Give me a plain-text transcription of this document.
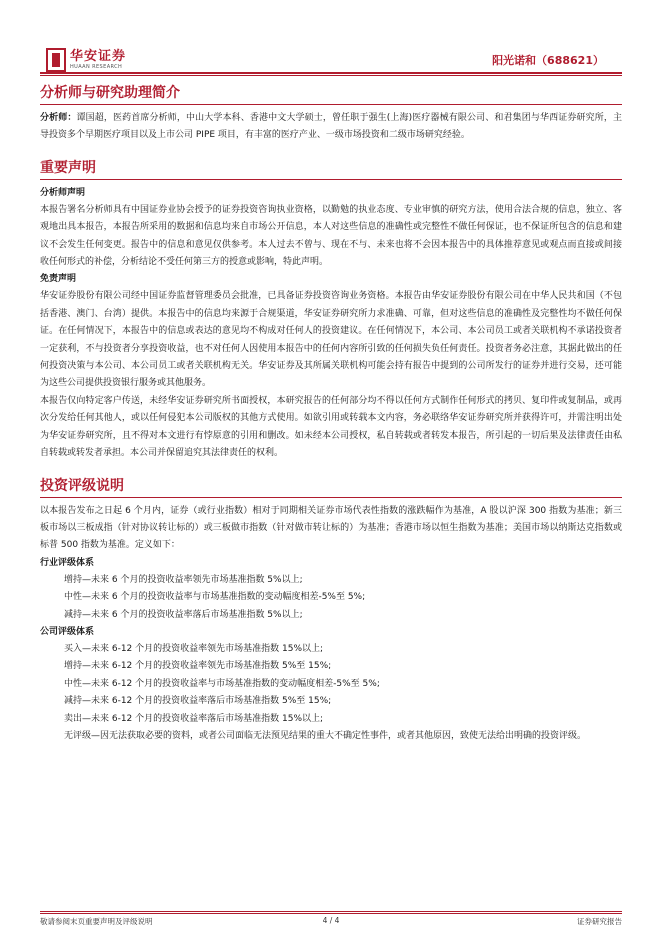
华安证券
HUAAN RESEARCH	阳光诺和（688621）
分析师与研究助理简介

分析师：谭国超，医药首席分析师，中山大学本科、香港中文大学硕士，曾任职于强生(上海)医疗器械有限公司、和君集团与华西证券研究所，主导投资多个早期医疗项目以及上市公司 PIPE 项目，有丰富的医疗产业、一级市场投资和二级市场研究经验。

重要声明
分析师声明

本报告署名分析师具有中国证券业协会授予的证券投资咨询执业资格，以勤勉的执业态度、专业审慎的研究方法，使用合法合规的信息，独立、客观地出具本报告，本报告所采用的数据和信息均来自市场公开信息，本人对这些信息的准确性或完整性不做任何保证，也不保证所包含的信息和建议不会发生任何变更。报告中的信息和意见仅供参考。本人过去不曾与、现在不与、未来也将不会因本报告中的具体推荐意见或观点而直接或间接收任何形式的补偿，分析结论不受任何第三方的授意或影响，特此声明。

免责声明

华安证券股份有限公司经中国证券监督管理委员会批准，已具备证券投资咨询业务资格。本报告由华安证券股份有限公司在中华人民共和国（不包括香港、澳门、台湾）提供。本报告中的信息均来源于合规渠道，华安证券研究所力求准确、可靠，但对这些信息的准确性及完整性均不做任何保证。在任何情况下，本报告中的信息或表达的意见均不构成对任何人的投资建议。在任何情况下，本公司、本公司员工或者关联机构不承诺投资者一定获利，不与投资者分享投资收益，也不对任何人因使用本报告中的任何内容所引致的任何损失负任何责任。投资者务必注意，其据此做出的任何投资决策与本公司、本公司员工或者关联机构无关。华安证券及其所属关联机构可能会持有报告中提到的公司所发行的证券并进行交易，还可能为这些公司提供投资银行服务或其他服务。

本报告仅向特定客户传送，未经华安证券研究所书面授权，本研究报告的任何部分均不得以任何方式制作任何形式的拷贝、复印件或复制品，或再次分发给任何其他人，或以任何侵犯本公司版权的其他方式使用。如欲引用或转载本文内容，务必联络华安证券研究所并获得许可，并需注明出处为华安证券研究所，且不得对本文进行有悖原意的引用和删改。如未经本公司授权，私自转载或者转发本报告，所引起的一切后果及法律责任由私自转载或转发者承担。本公司并保留追究其法律责任的权利。

投资评级说明

以本报告发布之日起 6 个月内，证券（或行业指数）相对于同期相关证券市场代表性指数的涨跌幅作为基准，A 股以沪深 300 指数为基准；新三板市场以三板成指（针对协议转让标的）或三板做市指数（针对做市转让标的）为基准；香港市场以恒生指数为基准；美国市场以纳斯达克指数或标普 500 指数为基准。定义如下：

行业评级体系

增持—未来 6 个月的投资收益率领先市场基准指数 5%以上;

中性—未来 6 个月的投资收益率与市场基准指数的变动幅度相差-5%至 5%;

减持—未来 6 个月的投资收益率落后市场基准指数 5%以上;

公司评级体系

买入—未来 6-12 个月的投资收益率领先市场基准指数 15%以上;

增持—未来 6-12 个月的投资收益率领先市场基准指数 5%至 15%;

中性—未来 6-12 个月的投资收益率与市场基准指数的变动幅度相差-5%至 5%;

减持—未来 6-12 个月的投资收益率落后市场基准指数 5%至 15%;

卖出—未来 6-12 个月的投资收益率落后市场基准指数 15%以上;

无评级—因无法获取必要的资料，或者公司面临无法预见结果的重大不确定性事件，或者其他原因，致使无法给出明确的投资评级。

敬请参阅末页重要声明及评级说明	4 / 4	证券研究报告
